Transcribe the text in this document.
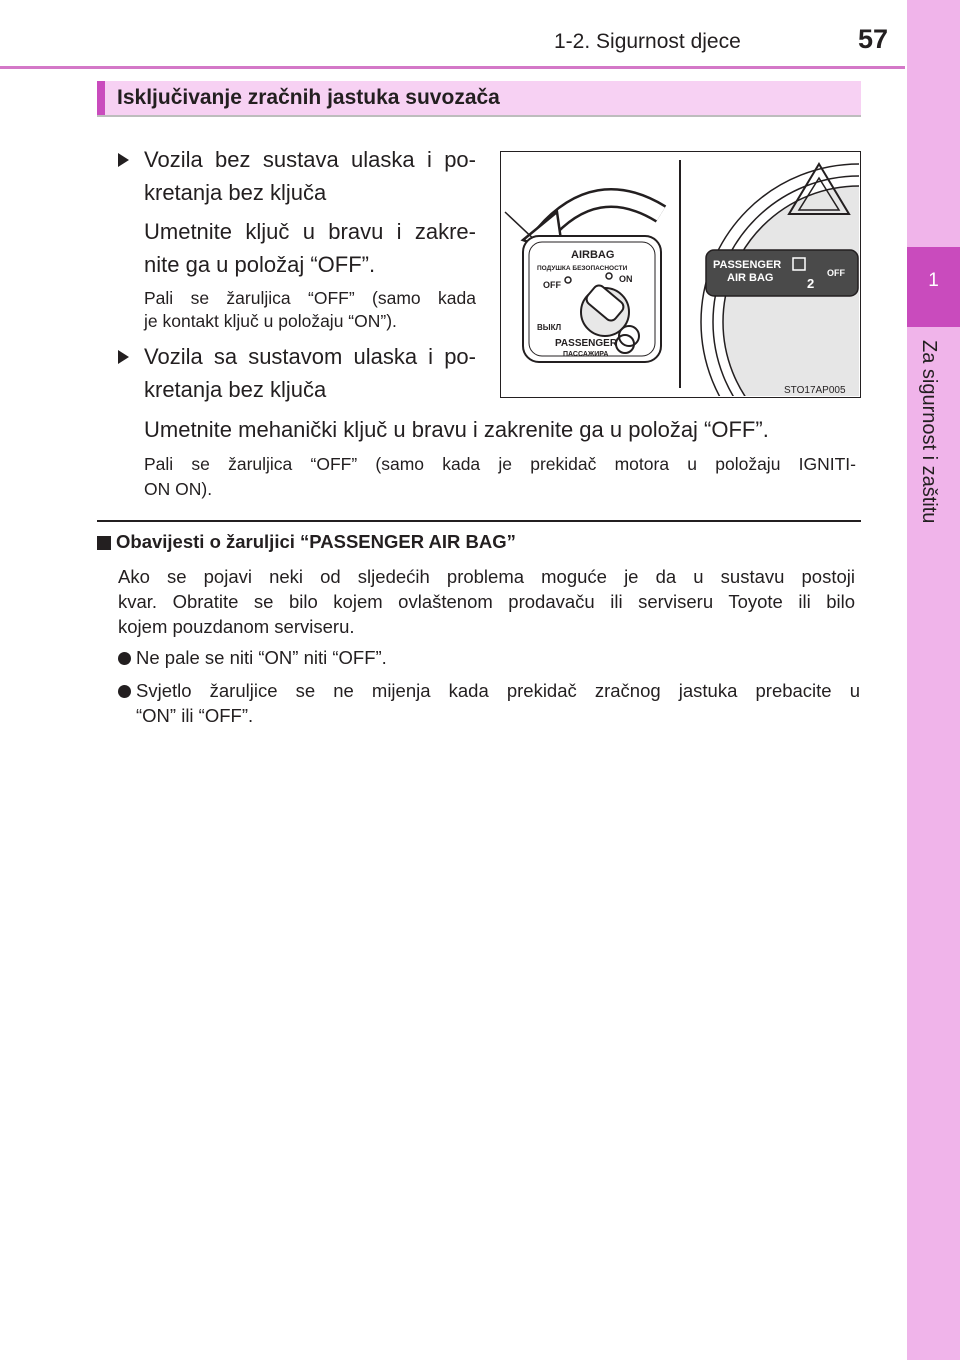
1-2. Sigurnost djece	57
1
Za sigurnost i zaštitu
Isključivanje zračnih jastuka suvozača
Vozila bez sustava ulaska i po-
kretanja bez ključa
Umetnite ključ u bravu i zakre-
nite ga u položaj “OFF”.
Pali se žaruljica “OFF” (samo kada
je kontakt ključ u položaju “ON”).
Vozila sa sustavom ulaska i po-
kretanja bez ključa
Umetnite mehanički ključ u bravu i zakrenite ga u položaj “OFF”.
Pali se žaruljica “OFF” (samo kada je prekidač motora u položaju IGNITI-
ON ON).
AIRBAG
ПОДУШКА БЕЗОПАСНОСТИ
OFF
ON
ВЫКЛ
PASSENGER
ПАССАЖИРА
PASSENGER
AIR BAG	2
OFF
STO17AP005
Obavijesti o žaruljici “PASSENGER AIR BAG”
Ako se pojavi neki od sljedećih problema moguće je da u sustavu postoji
kvar. Obratite se bilo kojem ovlaštenom prodavaču ili serviseru Toyote ili bilo
kojem pouzdanom serviseru.
Ne pale se niti “ON” niti “OFF”.
Svjetlo žaruljice se ne mijenja kada prekidač zračnog jastuka prebacite u
“ON” ili “OFF”.
